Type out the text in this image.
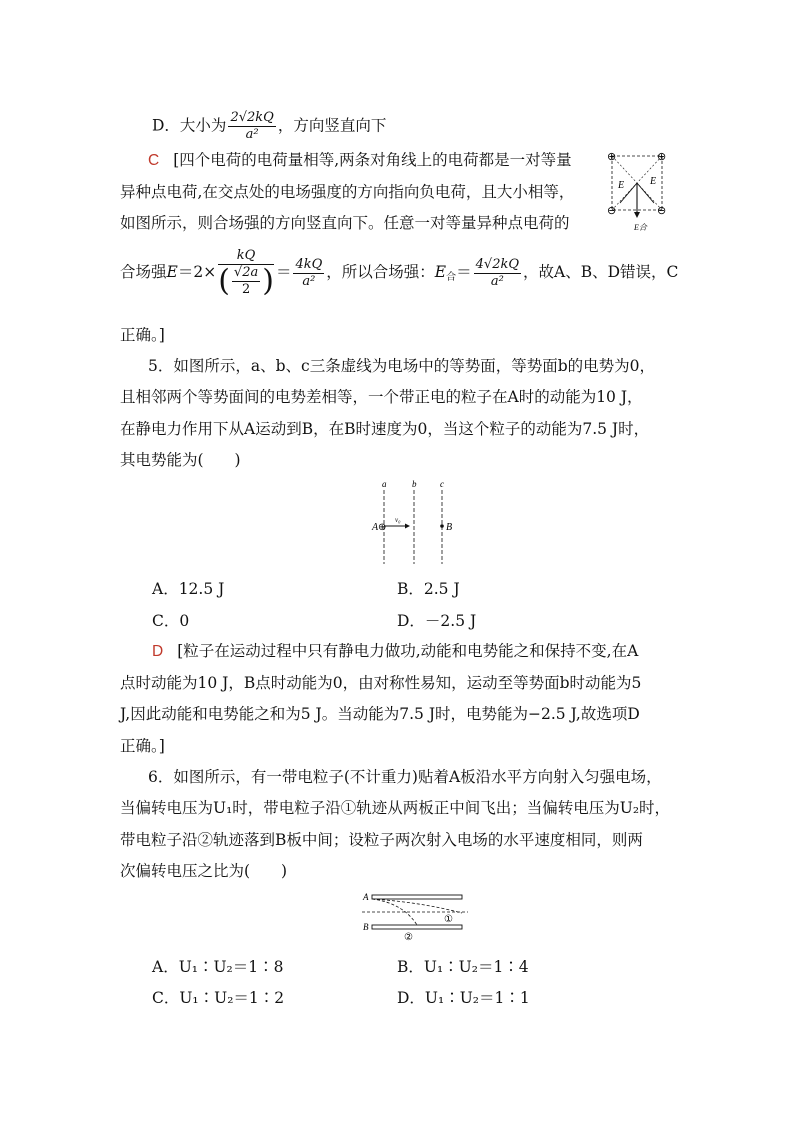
D．大小为 $\frac{2√2kQ}{\text{a²}}$ ，方向竖直向下
C [四个电荷的电荷量相等,两条对角线上的电荷都是一对等量
异种点电荷,在交点处的电场强度的方向指向负电荷，且大小相等，
如图所示，则合场强的方向竖直向下。任意一对等量异种点电荷的
合场强$E=2\times \frac{kQ}{( \frac{√2a}{2} )} = \frac{4kQ}{\text{a²}}$ ，所以合场强：$E_合= \frac{4√2kQ}{\text{a²}}$ ，故A、B、D错误，C
正确。]
⊕	⊕
⊖	⊖
E	E
E合
5．如图所示，a、b、c三条虚线为电场中的等势面，等势面b的电势为0，
且相邻两个等势面间的电势差相等，一个带正电的粒子在A时的动能为10 J，
在静电力作用下从A运动到B，在B时速度为0，当这个粒子的动能为7.5 J时，
其电势能为(　　)
a	b	c
A ⊕
v₀
B
A．12.5 J	B．2.5 J
C．0	D．－2.5 J
D [粒子在运动过程中只有静电力做功,动能和电势能之和保持不变,在A
点时动能为10 J，B点时动能为0，由对称性易知，运动至等势面b时动能为5
J,因此动能和电势能之和为5 J。当动能为7.5 J时，电势能为−2.5 J,故选项D
正确。]
6．如图所示，有一带电粒子(不计重力)贴着A板沿水平方向射入匀强电场，
当偏转电压为U₁时，带电粒子沿①轨迹从两板正中间飞出；当偏转电压为U₂时，
带电粒子沿②轨迹落到B板中间；设粒子两次射入电场的水平速度相同，则两
次偏转电压之比为(　　)
A
B
①
②
A．U₁∶U₂＝1∶8	B．U₁∶U₂＝1∶4
C．U₁∶U₂＝1∶2	D．U₁∶U₂＝1∶1
